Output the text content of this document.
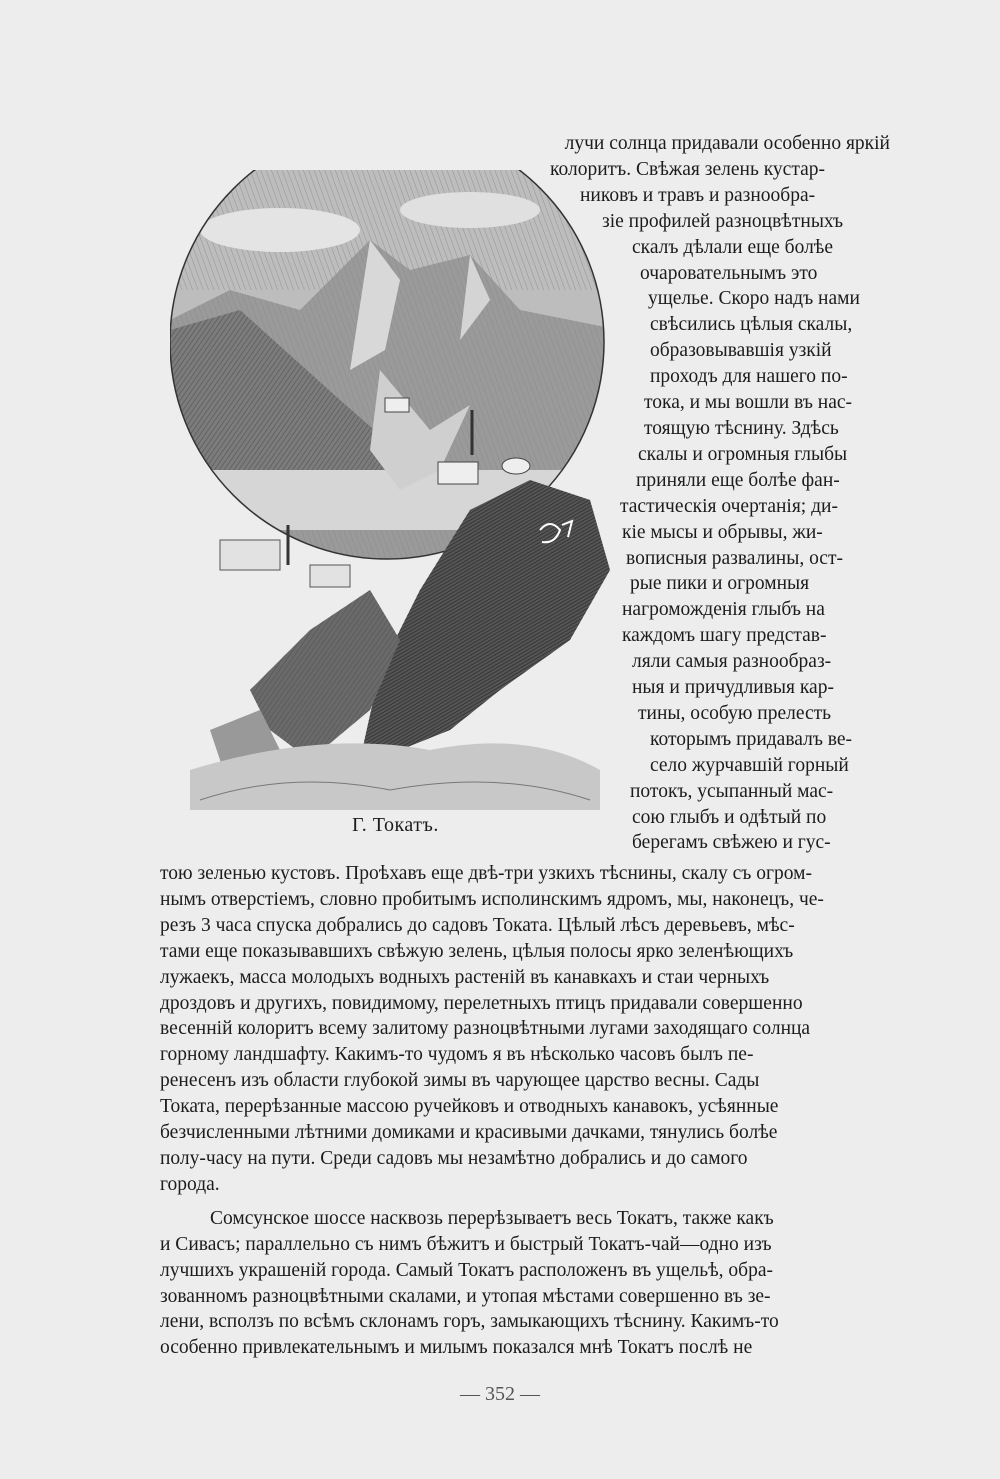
лучи солнца придавали особенно яркій
колоритъ. Свѣжая зелень кустар-
никовъ и травъ и разнообра-
зіе профилей разноцвѣтныхъ
скалъ дѣлали еще болѣе
очаровательнымъ это
ущелье. Скоро надъ нами
свѣсились цѣлыя скалы,
образовывавшія узкій
проходъ для нашего по-
тока, и мы вошли въ нас-
тоящую тѣснину. Здѣсь
скалы и огромныя глыбы
приняли еще болѣе фан-
тастическія очертанія; ди-
кіе мысы и обрывы, жи-
вописныя развалины, ост-
рые пики и огромныя
нагроможденія глыбъ на
каждомъ шагу представ-
ляли самыя разнообраз-
ныя и причудливыя кар-
тины, особую прелесть
которымъ придавалъ ве-
село журчавшій горный
потокъ, усыпанный мас-
сою глыбъ и одѣтый по
берегамъ свѣжею и гус-
Г. Токатъ.
тою зеленью кустовъ. Проѣхавъ еще двѣ-три узкихъ тѣснины, скалу съ огром-
нымъ отверстіемъ, словно пробитымъ исполинскимъ ядромъ, мы, наконецъ, че-
резъ 3 часа спуска добрались до садовъ Токата. Цѣлый лѣсъ деревьевъ, мѣс-
тами еще показывавшихъ свѣжую зелень, цѣлыя полосы ярко зеленѣющихъ
лужаекъ, масса молодыхъ водныхъ растеній въ канавкахъ и стаи черныхъ
дроздовъ и другихъ, повидимому, перелетныхъ птицъ придавали совершенно
весенній колоритъ всему залитому разноцвѣтными лугами заходящаго солнца
горному ландшафту. Какимъ-то чудомъ я въ нѣсколько часовъ былъ пе-
ренесенъ изъ области глубокой зимы въ чарующее царство весны. Сады
Токата, перерѣзанные массою ручейковъ и отводныхъ канавокъ, усѣянные
безчисленными лѣтними домиками и красивыми дачками, тянулись болѣе
полу-часу на пути. Среди садовъ мы незамѣтно добрались и до самого
города.
Сомсунское шоссе насквозь перерѣзываетъ весь Токатъ, также какъ
и Сивасъ; параллельно съ нимъ бѣжитъ и быстрый Токатъ-чай—одно изъ
лучшихъ украшеній города. Самый Токатъ расположенъ въ ущельѣ, обра-
зованномъ разноцвѣтными скалами, и утопая мѣстами совершенно въ зе-
лени, всползъ по всѣмъ склонамъ горъ, замыкающихъ тѣснину. Какимъ-то
особенно привлекательнымъ и милымъ показался мнѣ Токатъ послѣ не
— 352 —
